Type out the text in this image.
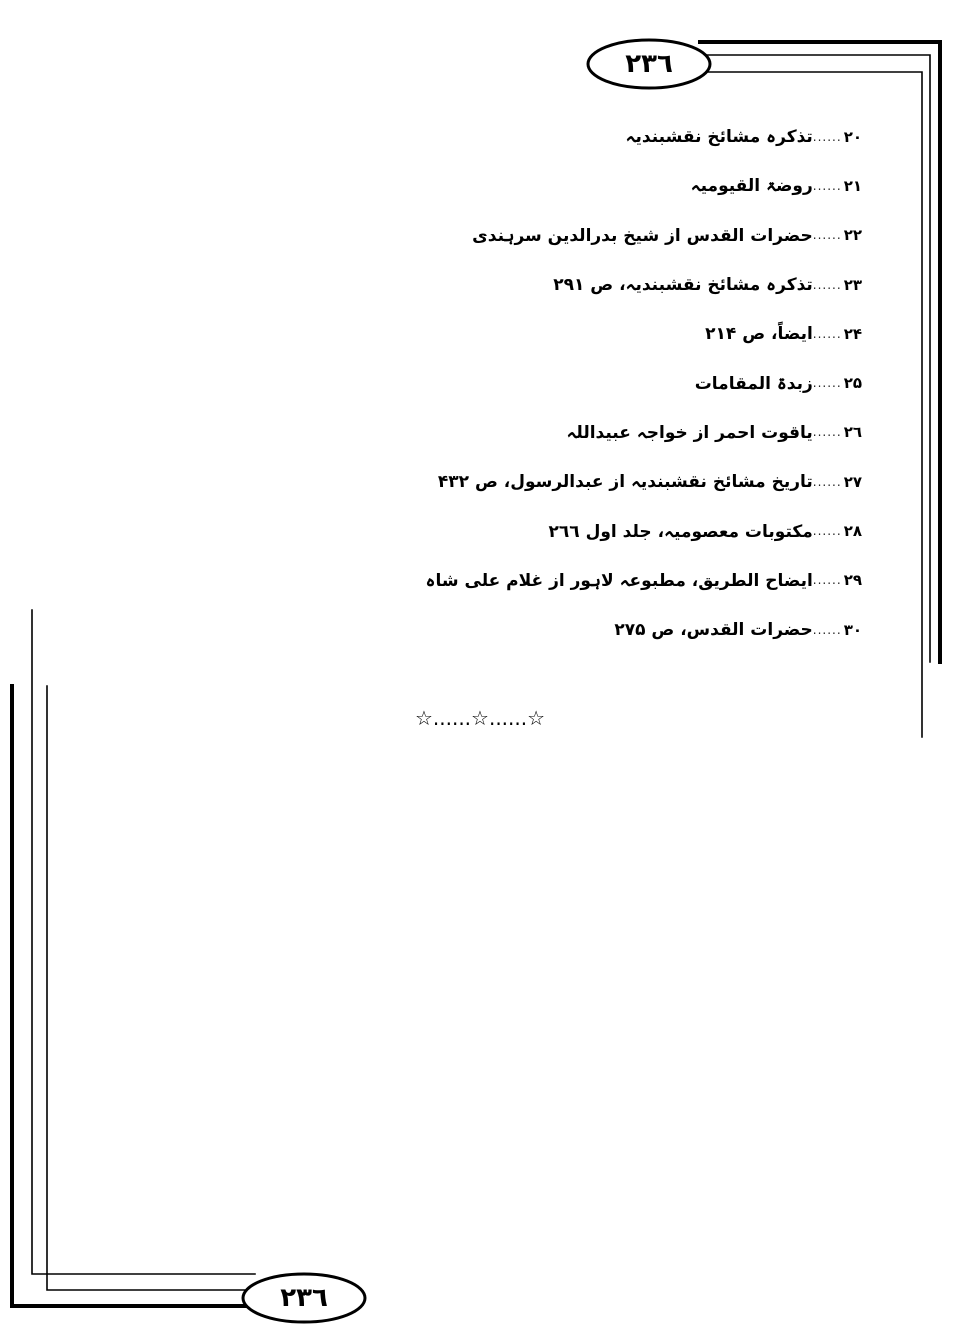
۲۳٦
۲۰
......
تذکرہ مشائخ نقشبندیہ
۲۱
......
روضۃ القیومیہ
۲۲
......
حضرات القدس از شیخ بدرالدین سرہندی
۲۳
......
تذکرہ مشائخ نقشبندیہ، ص ۲۹۱
۲۴
......
ایضاً، ص ۲۱۴
۲۵
......
زبدۃ المقامات
۲٦
......
یاقوت احمر از خواجہ عبیداللہ
۲۷
......
تاریخ مشائخ نقشبندیہ از عبدالرسول، ص ۴۳۲
۲۸
......
مکتوبات معصومیہ، جلد اول ۲٦٦
۲۹
......
ایضاح الطریق، مطبوعہ لاہور از غلام علی شاہ
۳۰
......
حضرات القدس، ص ۲۷۵
☆......☆......☆
۲۳٦
